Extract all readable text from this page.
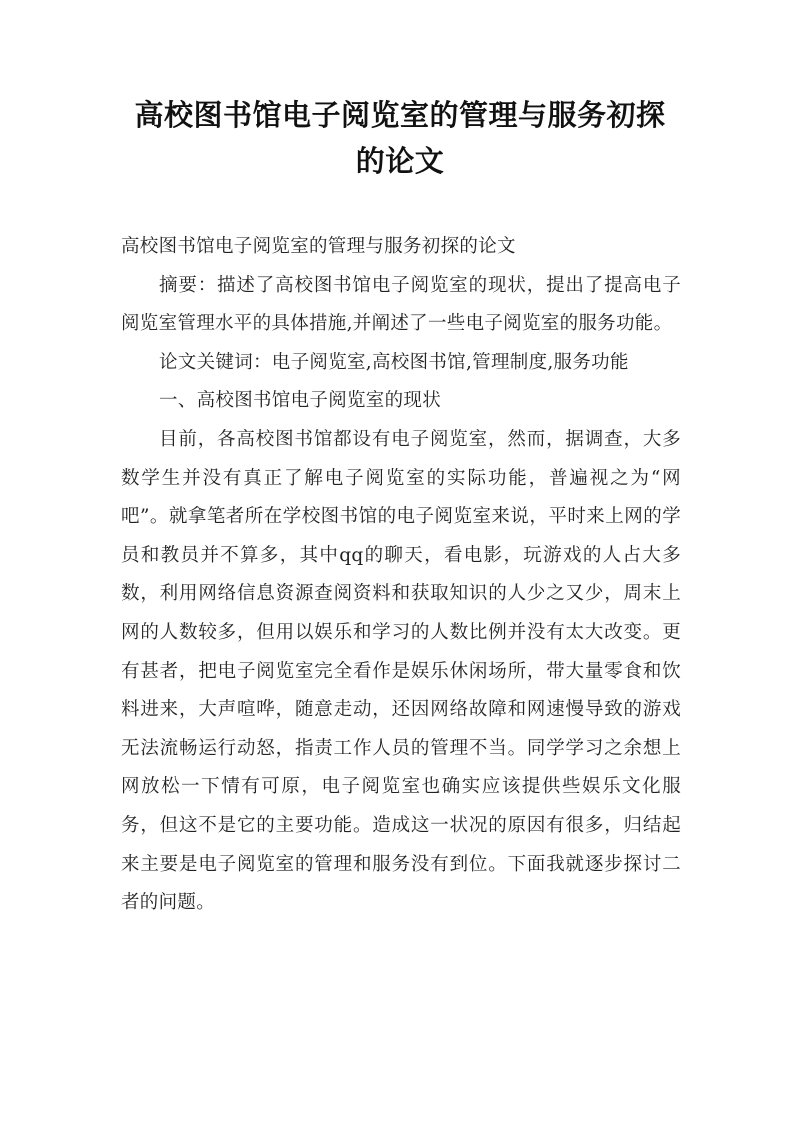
高校图书馆电子阅览室的管理与服务初探
的论文

高校图书馆电子阅览室的管理与服务初探的论文

摘要：描述了高校图书馆电子阅览室的现状，提出了提高电子阅览室管理水平的具体措施,并阐述了一些电子阅览室的服务功能。

论文关键词：电子阅览室,高校图书馆,管理制度,服务功能

一、高校图书馆电子阅览室的现状

目前，各高校图书馆都设有电子阅览室，然而，据调查，大多数学生并没有真正了解电子阅览室的实际功能，普遍视之为“网吧”。就拿笔者所在学校图书馆的电子阅览室来说，平时来上网的学员和教员并不算多，其中qq的聊天，看电影，玩游戏的人占大多数，利用网络信息资源查阅资料和获取知识的人少之又少，周末上网的人数较多，但用以娱乐和学习的人数比例并没有太大改变。更有甚者，把电子阅览室完全看作是娱乐休闲场所，带大量零食和饮料进来，大声喧哗，随意走动，还因网络故障和网速慢导致的游戏无法流畅运行动怒，指责工作人员的管理不当。同学学习之余想上网放松一下情有可原，电子阅览室也确实应该提供些娱乐文化服务，但这不是它的主要功能。造成这一状况的原因有很多，归结起来主要是电子阅览室的管理和服务没有到位。下面我就逐步探讨二者的问题。
